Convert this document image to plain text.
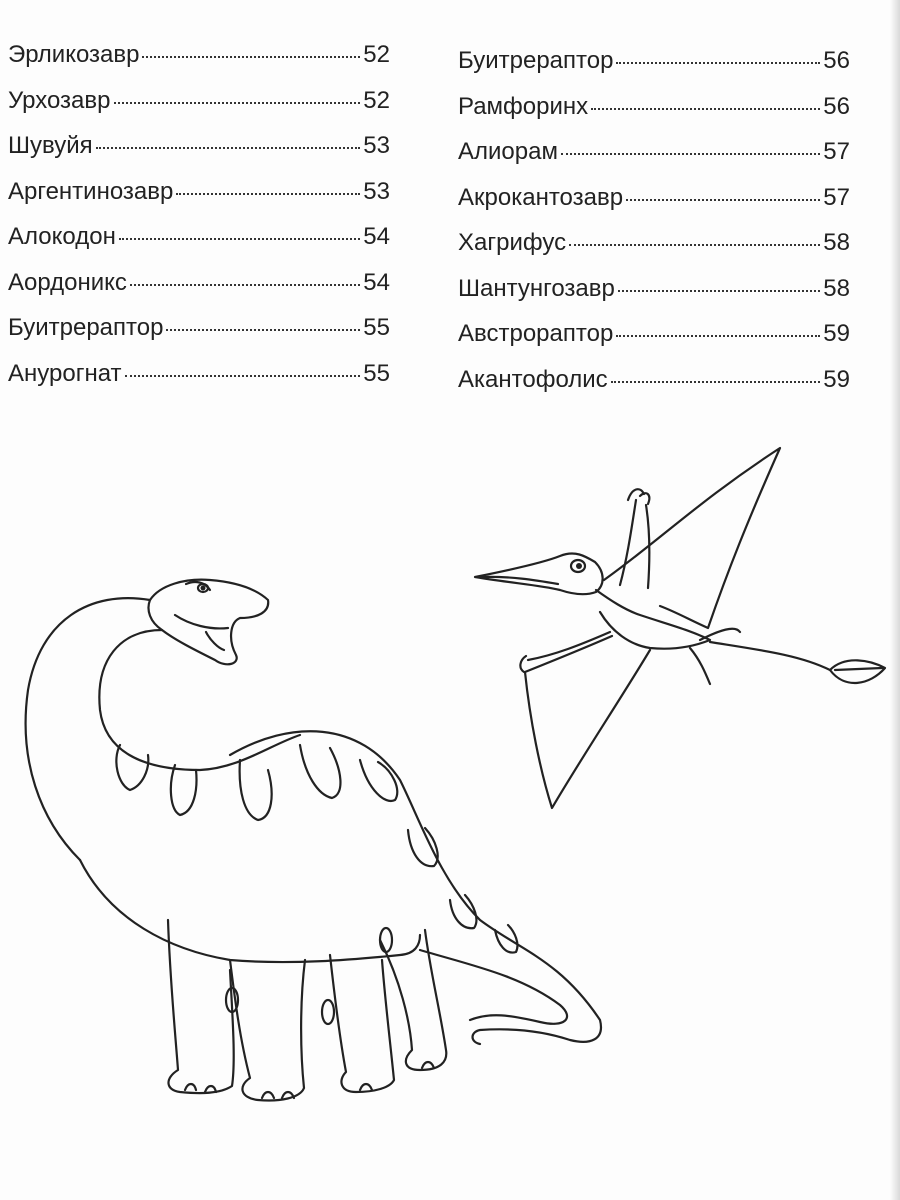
Эрликозавр	52
Урхозавр	52
Шувуйя	53
Аргентинозавр	53
Алокодон	54
Аордоникс	54
Буитрераптор	55
Анурогнат	55
Буитрераптор	56
Рамфоринх	56
Алиорам	57
Акрокантозавр	57
Хагрифус	58
Шантунгозавр	58
Австрораптор	59
Акантофолис	59
